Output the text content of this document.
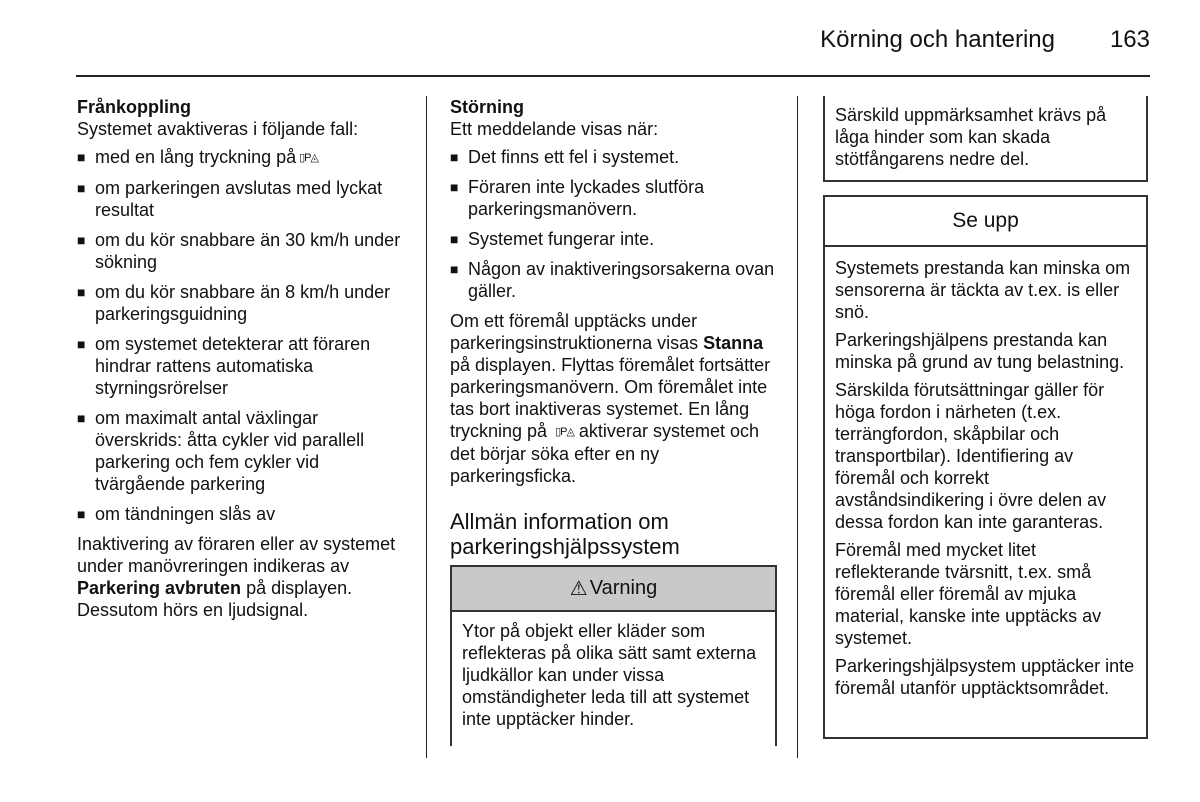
Körning och hantering 163
Frånkoppling

Systemet avaktiveras i följande fall:

■ med en lång tryckning på ▯P◬
■ om parkeringen avslutas med lyckat resultat
■ om du kör snabbare än 30 km/h under sökning
■ om du kör snabbare än 8 km/h under parkeringsguidning
■ om systemet detekterar att föraren hindrar rattens automatiska styrningsrörelser
■ om maximalt antal växlingar överskrids: åtta cykler vid parallell parkering och fem cykler vid tvärgående parkering
■ om tändningen slås av

Inaktivering av föraren eller av systemet under manövreringen indikeras av Parkering avbruten på displayen. Dessutom hörs en ljudsignal.

Störning

Ett meddelande visas när:

■ Det finns ett fel i systemet.
■ Föraren inte lyckades slutföra parkeringsmanövern.
■ Systemet fungerar inte.
■ Någon av inaktiveringsorsakerna ovan gäller.

Om ett föremål upptäcks under parkeringsinstruktionerna visas Stanna på displayen. Flyttas föremålet fortsätter parkeringsmanövern. Om föremålet inte tas bort inaktiveras systemet. En lång tryckning på ▯P◬ aktiverar systemet och det börjar söka efter en ny parkeringsficka.

Allmän information om parkeringshjälpssystem
⚠ Varning
Ytor på objekt eller kläder som reflekteras på olika sätt samt externa ljudkällor kan under vissa omständigheter leda till att systemet inte upptäcker hinder.
Särskild uppmärksamhet krävs på låga hinder som kan skada stötfångarens nedre del.
Se upp

Systemets prestanda kan minska om sensorerna är täckta av t.ex. is eller snö.

Parkeringshjälpens prestanda kan minska på grund av tung belastning.

Särskilda förutsättningar gäller för höga fordon i närheten (t.ex. terrängfordon, skåpbilar och transportbilar). Identifiering av föremål och korrekt avståndsindikering i övre delen av dessa fordon kan inte garanteras.

Föremål med mycket litet reflekterande tvärsnitt, t.ex. små föremål eller föremål av mjuka material, kanske inte upptäcks av systemet.

Parkeringshjälpsystem upptäcker inte föremål utanför upptäcktsområdet.
